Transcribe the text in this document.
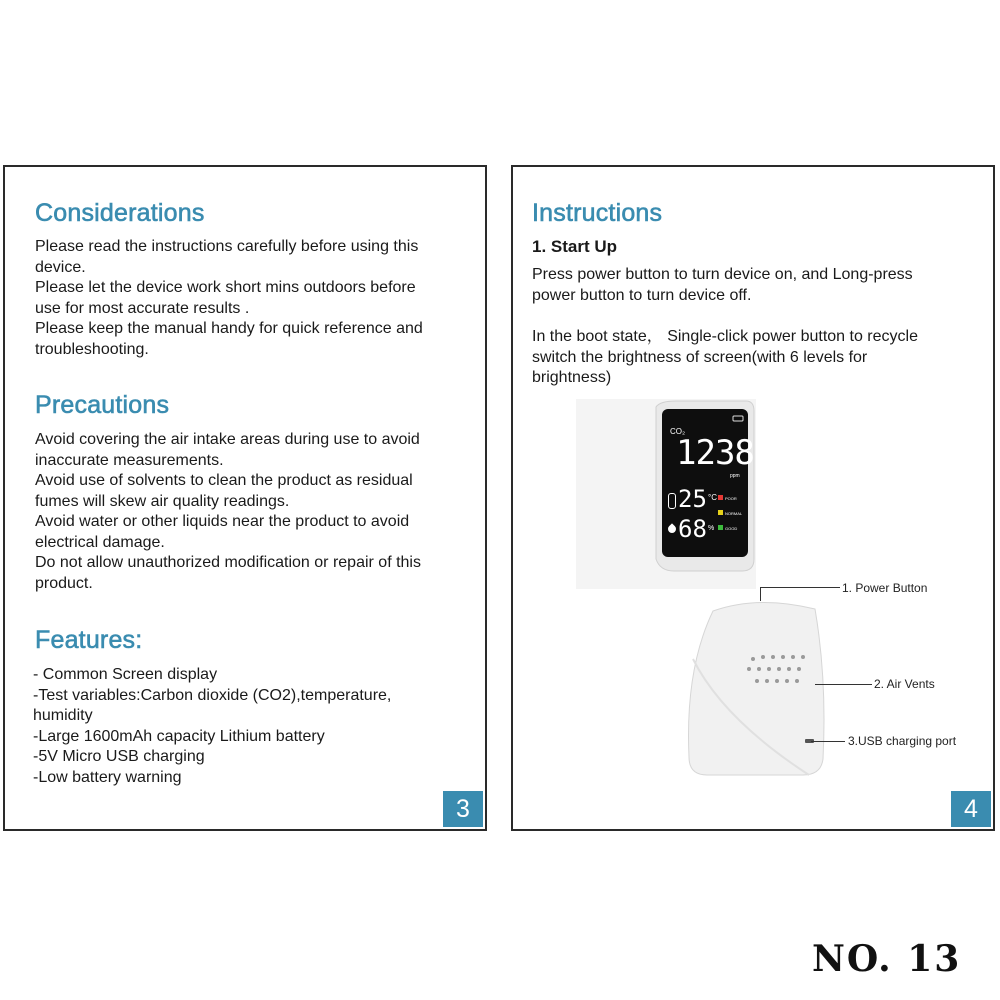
Considerations

Please read the instructions carefully before using this
device.
Please let the device work short mins outdoors before
use for most accurate results .
Please keep the manual handy for quick reference and
troubleshooting.

Precautions

Avoid covering the air intake areas during use to avoid
inaccurate measurements.
Avoid use of solvents to clean the product as residual
fumes will skew air quality readings.
Avoid water or other liquids near the product to avoid
electrical damage.
Do not allow unauthorized modification or repair of this
product.

Features:

- Common Screen display
-Test variables:Carbon dioxide (CO2),temperature,
humidity
-Large 1600mAh capacity Lithium battery
-5V Micro USB charging
-Low battery warning

3
Instructions

1. Start Up

Press power button to turn device on, and Long-press
power button to turn device off.

In the boot state， Single-click power button to recycle
switch the brightness of screen(with 6 levels for
brightness)

CO₂
1238
ppm
25 °C
68 %
POOR
NORMAL
GOOD
1. Power Button
2. Air Vents
3.USB charging port
4
NO. 13
